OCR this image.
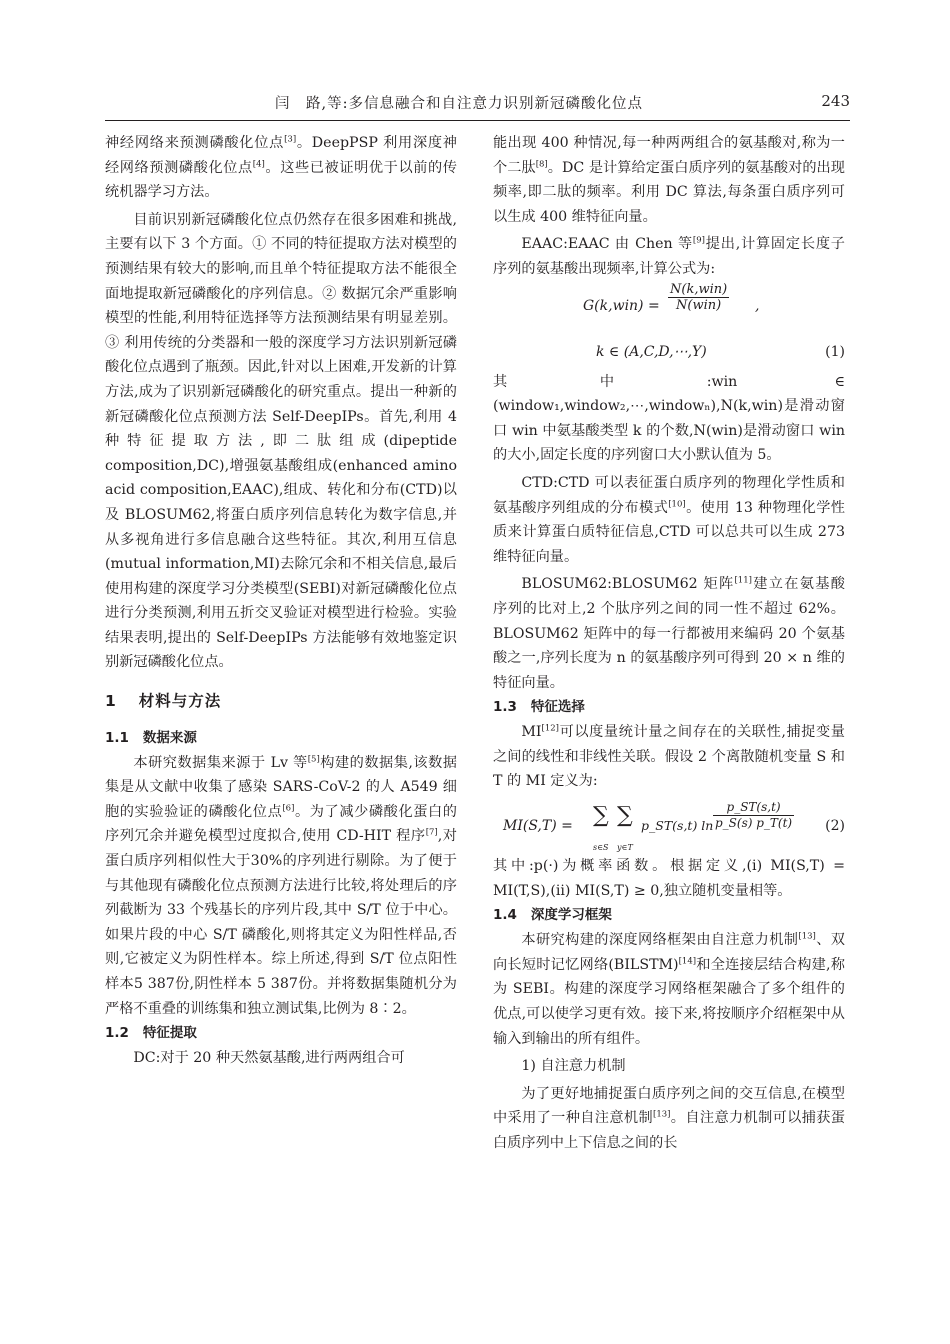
闫　路,等:多信息融合和自注意力识别新冠磷酸化位点	243

神经网络来预测磷酸化位点[3]。DeepPSP 利用深度神经网络预测磷酸化位点[4]。这些已被证明优于以前的传统机器学习方法。

目前识别新冠磷酸化位点仍然存在很多困难和挑战,主要有以下 3 个方面。① 不同的特征提取方法对模型的预测结果有较大的影响,而且单个特征提取方法不能很全面地提取新冠磷酸化的序列信息。② 数据冗余严重影响模型的性能,利用特征选择等方法预测结果有明显差别。③ 利用传统的分类器和一般的深度学习方法识别新冠磷酸化位点遇到了瓶颈。因此,针对以上困难,开发新的计算方法,成为了识别新冠磷酸化的研究重点。提出一种新的新冠磷酸化位点预测方法 Self-DeepIPs。首先,利用 4 种特征提取方法,即二肽组成(dipeptide composition,DC),增强氨基酸组成(enhanced amino acid composition,EAAC),组成、转化和分布(CTD)以及 BLOSUM62,将蛋白质序列信息转化为数字信息,并从多视角进行多信息融合这些特征。其次,利用互信息(mutual information,MI)去除冗余和不相关信息,最后使用构建的深度学习分类模型(SEBI)对新冠磷酸化位点进行分类预测,利用五折交叉验证对模型进行检验。实验结果表明,提出的 Self-DeepIPs 方法能够有效地鉴定识别新冠磷酸化位点。

1 材料与方法
1.1 数据来源

本研究数据集来源于 Lv 等[5]构建的数据集,该数据集是从文献中收集了感染 SARS-CoV-2 的人 A549 细胞的实验验证的磷酸化位点[6]。为了减少磷酸化蛋白的序列冗余并避免模型过度拟合,使用 CD-HIT 程序[7],对蛋白质序列相似性大于30%的序列进行剔除。为了便于与其他现有磷酸化位点预测方法进行比较,将处理后的序列截断为 33 个残基长的序列片段,其中 S/T 位于中心。如果片段的中心 S/T 磷酸化,则将其定义为阳性样品,否则,它被定义为阴性样本。综上所述,得到 S/T 位点阳性样本5 387份,阴性样本 5 387份。并将数据集随机分为严格不重叠的训练集和独立测试集,比例为 8∶2。

1.2 特征提取

DC:对于 20 种天然氨基酸,进行两两组合可

能出现 400 种情况,每一种两两组合的氨基酸对,称为一个二肽[8]。DC 是计算给定蛋白质序列的氨基酸对的出现频率,即二肽的频率。利用 DC 算法,每条蛋白质序列可以生成 400 维特征向量。

EAAC:EAAC 由 Chen 等[9]提出,计算固定长度子序列的氨基酸出现频率,计算公式为:

G(k,win) =
N(k,win)
N(win)	,
k ∈ (A,C,D,⋯,Y)	(1)

其中:win ∈ (window₁,window₂,⋯,windowₙ),N(k,win)是滑动窗口 win 中氨基酸类型 k 的个数,N(win)是滑动窗口 win 的大小,固定长度的序列窗口大小默认值为 5。

CTD:CTD 可以表征蛋白质序列的物理化学性质和氨基酸序列组成的分布模式[10]。使用 13 种物理化学性质来计算蛋白质特征信息,CTD 可以总共可以生成 273 维特征向量。

BLOSUM62:BLOSUM62 矩阵[11]建立在氨基酸序列的比对上,2 个肽序列之间的同一性不超过 62%。BLOSUM62 矩阵中的每一行都被用来编码 20 个氨基酸之一,序列长度为 n 的氨基酸序列可得到 20 × n 维的特征向量。

1.3 特征选择

MI[12]可以度量统计量之间存在的关联性,捕捉变量之间的线性和非线性关联。假设 2 个离散随机变量 S 和 T 的 MI 定义为:

MI(S,T) = ∑
s∈S
∑
y∈T
p_ST(s,t) $\ln \frac{p\_ST(s,t)}{p\_S(s) p\_T(t)} (2)$

其中:p(·)为概率函数。根据定义,(i) MI(S,T) = MI(T,S),(ii) MI(S,T) ≥ 0,独立随机变量相等。

1.4 深度学习框架

本研究构建的深度网络框架由自注意力机制[13]、双向长短时记忆网络(BILSTM)[14]和全连接层结合构建,称为 SEBI。构建的深度学习网络框架融合了多个组件的优点,可以使学习更有效。接下来,将按顺序介绍框架中从输入到输出的所有组件。

1) 自注意力机制

为了更好地捕捉蛋白质序列之间的交互信息,在模型中采用了一种自注意机制[13]。自注意力机制可以捕获蛋白质序列中上下信息之间的长
